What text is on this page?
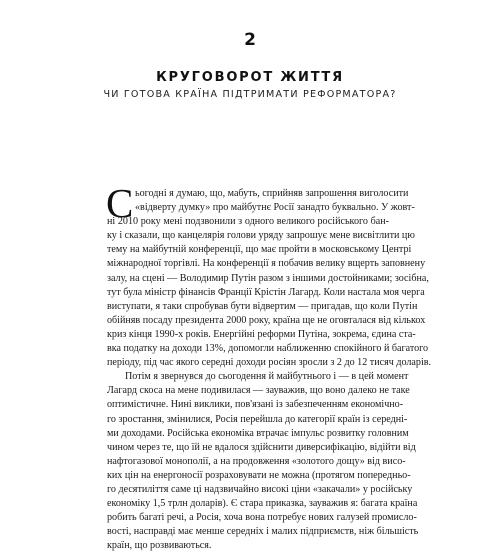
2
КРУГОВОРОТ ЖИТТЯ
ЧИ ГОТОВА КРАЇНА ПІДТРИМАТИ РЕФОРМАТОРА?
С ьогодні я думаю, що, мабуть, сприйняв запрошення виголосити
«відверту думку» про майбутнє Росії занадто буквально. У жовт-
ні 2010 року мені подзвонили з одного великого російського бан-
ку і сказали, що канцелярія голови уряду запрошує мене висвітлити цю
тему на майбутній конференції, що має пройти в московському Центрі
міжнародної торгівлі. На конференції я побачив велику вщерть заповнену
залу, на сцені — Володимир Путін разом з іншими достойниками; зосібна,
тут була міністр фінансів Франції Крістін Лагард. Коли настала моя черга
виступати, я таки спробував бути відвертим — пригадав, що коли Путін
обійняв посаду президента 2000 року, країна ще не оговталася від кількох
криз кінця 1990-х років. Енергійні реформи Путіна, зокрема, єдина ста-
вка податку на доходи 13%, допомогли наближенню спокійного й багатого
періоду, під час якого середні доходи росіян зросли з 2 до 12 тисяч доларів.
Потім я звернувся до сьогодення й майбутнього і — в цей момент
Лагард скоса на мене подивилася — зауважив, що воно далеко не таке
оптимістичне. Нині виклики, пов'язані із забезпеченням економічно-
го зростання, змінилися, Росія перейшла до категорії країн із середні-
ми доходами. Російська економіка втрачає імпульс розвитку головним
чином через те, що їй не вдалося здійснити диверсифікацію, відійти від
нафтогазової монополії, а на продовження «золотого дощу» від висо-
ких цін на енергоносії розраховувати не можна (протягом попередньо-
го десятиліття саме ці надзвичайно високі ціни «закачали» у російську
економіку 1,5 трлн доларів). Є стара приказка, зауважив я: багата країна
робить багаті речі, а Росія, хоча вона потребує нових галузей промисло-
вості, насправді має менше середніх і малих підприємств, ніж більшість
країн, що розвиваються.
